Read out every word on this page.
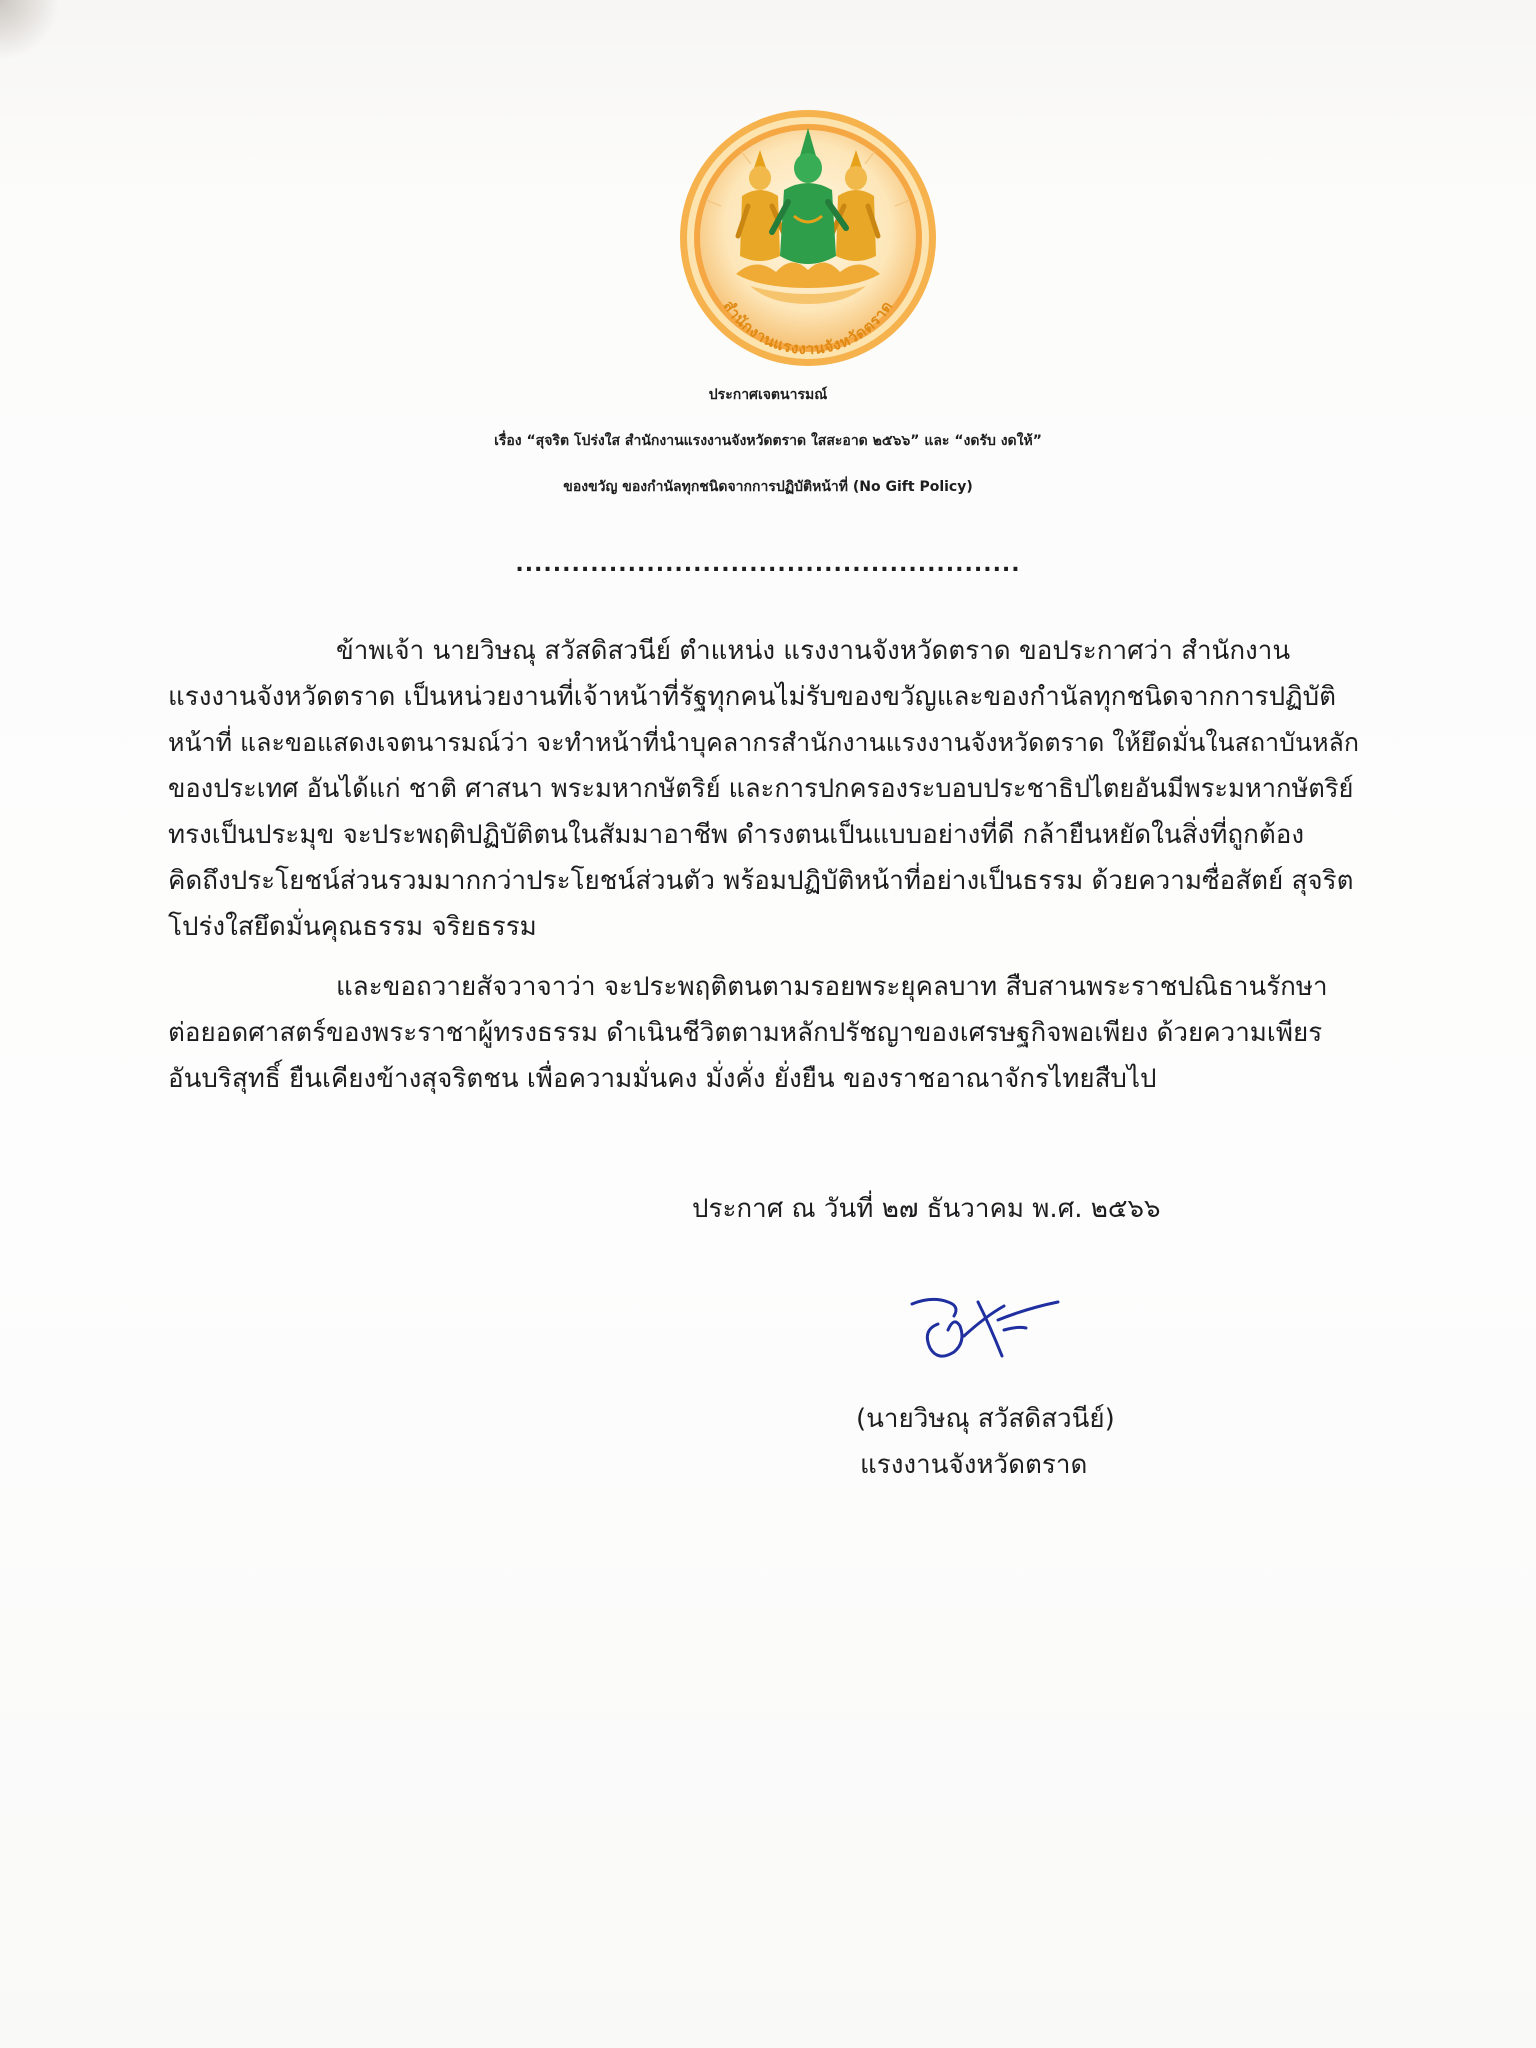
สำนักงานแรงงานจังหวัดตราด
ประกาศเจตนารมณ์
เรื่อง “สุจริต โปร่งใส สำนักงานแรงงานจังหวัดตราด ใสสะอาด ๒๕๖๖” และ “งดรับ งดให้”
ของขวัญ ของกำนัลทุกชนิดจากการปฏิบัติหน้าที่ (No Gift Policy)
......................................................
ข้าพเจ้า นายวิษณุ สวัสดิสวนีย์ ตำแหน่ง แรงงานจังหวัดตราด ขอประกาศว่า สำนักงาน
แรงงานจังหวัดตราด เป็นหน่วยงานที่เจ้าหน้าที่รัฐทุกคนไม่รับของขวัญและของกำนัลทุกชนิดจากการปฏิบัติ
หน้าที่ และขอแสดงเจตนารมณ์ว่า จะทำหน้าที่นำบุคลากรสำนักงานแรงงานจังหวัดตราด ให้ยึดมั่นในสถาบันหลัก
ของประเทศ อันได้แก่ ชาติ ศาสนา พระมหากษัตริย์ และการปกครองระบอบประชาธิปไตยอันมีพระมหากษัตริย์
ทรงเป็นประมุข จะประพฤติปฏิบัติตนในสัมมาอาชีพ ดำรงตนเป็นแบบอย่างที่ดี กล้ายืนหยัดในสิ่งที่ถูกต้อง
คิดถึงประโยชน์ส่วนรวมมากกว่าประโยชน์ส่วนตัว พร้อมปฏิบัติหน้าที่อย่างเป็นธรรม ด้วยความซื่อสัตย์ สุจริต
โปร่งใสยึดมั่นคุณธรรม จริยธรรม
และขอถวายสัจวาจาว่า จะประพฤติตนตามรอยพระยุคลบาท สืบสานพระราชปณิธานรักษา
ต่อยอดศาสตร์ของพระราชาผู้ทรงธรรม ดำเนินชีวิตตามหลักปรัชญาของเศรษฐกิจพอเพียง ด้วยความเพียร
อันบริสุทธิ์ ยืนเคียงข้างสุจริตชน เพื่อความมั่นคง มั่งคั่ง ยั่งยืน ของราชอาณาจักรไทยสืบไป
ประกาศ ณ วันที่ ๒๗ ธันวาคม พ.ศ. ๒๕๖๖
(นายวิษณุ สวัสดิสวนีย์)
แรงงานจังหวัดตราด
